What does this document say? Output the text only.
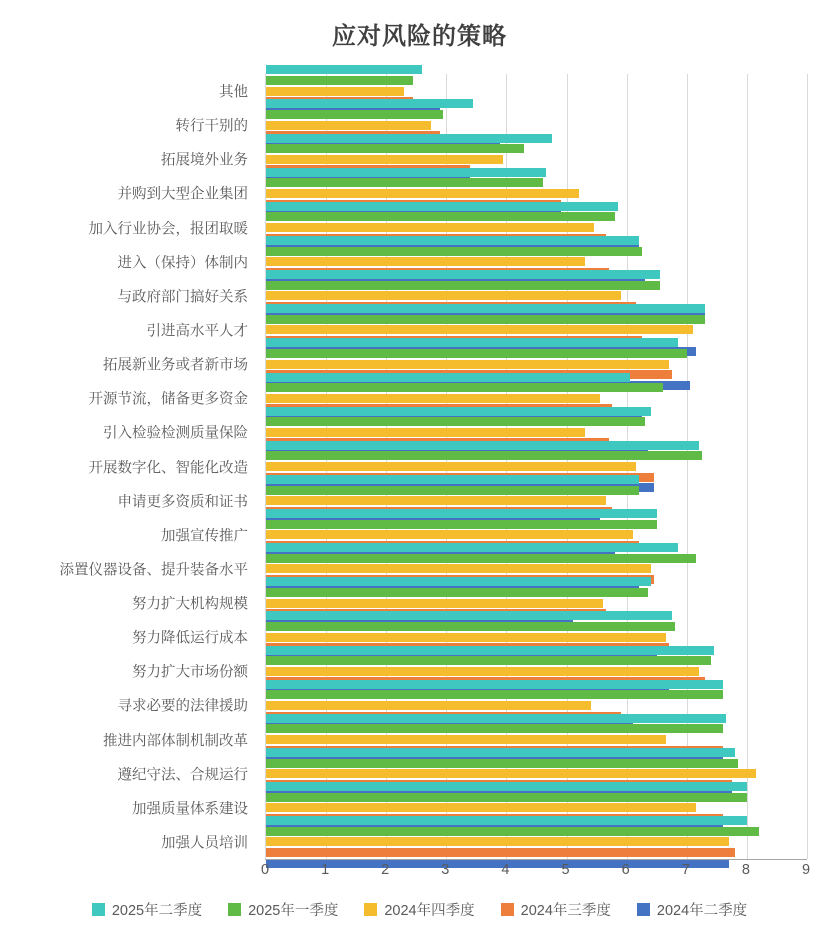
应对风险的策略
其他
转行干别的
拓展境外业务
并购到大型企业集团
加入行业协会，报团取暖
进入（保持）体制内
与政府部门搞好关系
引进高水平人才
拓展新业务或者新市场
开源节流，储备更多资金
引入检验检测质量保险
开展数字化、智能化改造
申请更多资质和证书
加强宣传推广
添置仪器设备、提升装备水平
努力扩大机构规模
努力降低运行成本
努力扩大市场份额
寻求必要的法律援助
推进内部体制机制改革
遵纪守法、合规运行
加强质量体系建设
加强人员培训
0	1	2	3	4	5	6	7	8	9
2025年二季度	2025年一季度	2024年四季度	2024年三季度	2024年二季度
